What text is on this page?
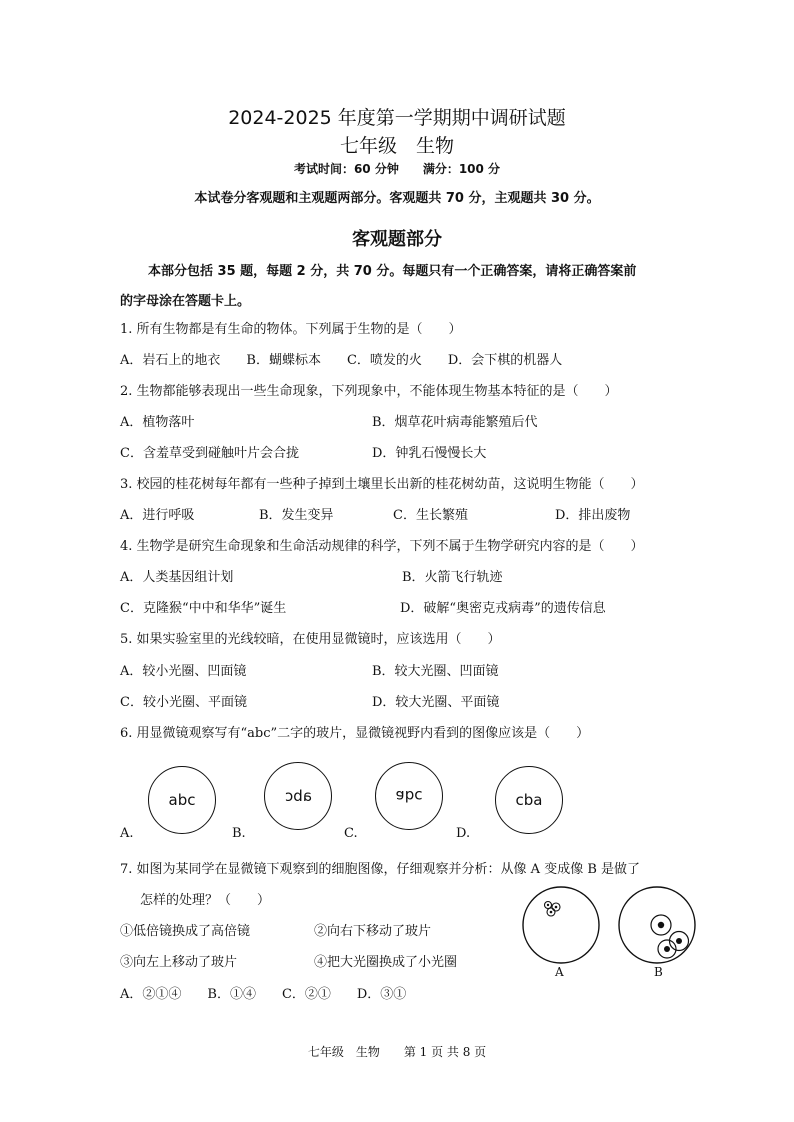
2024-2025 年度第一学期期中调研试题
七年级　生物
考试时间：60 分钟　　满分：100 分
本试卷分客观题和主观题两部分。客观题共 70 分，主观题共 30 分。
客观题部分
本部分包括 35 题，每题 2 分，共 70 分。每题只有一个正确答案，请将正确答案前
的字母涂在答题卡上。
1. 所有生物都是有生命的物体。下列属于生物的是（　　）
A．岩石上的地衣　　B．蝴蝶标本　　C．喷发的火　　D．会下棋的机器人
2. 生物都能够表现出一些生命现象，下列现象中，不能体现生物基本特征的是（　　）
A．植物落叶	B．烟草花叶病毒能繁殖后代
C．含羞草受到碰触叶片会合拢	D．钟乳石慢慢长大
3. 校园的桂花树每年都有一些种子掉到土壤里长出新的桂花树幼苗，这说明生物能（　　）
A．进行呼吸	B．发生变异	C．生长繁殖	D．排出废物
4. 生物学是研究生命现象和生命活动规律的科学，下列不属于生物学研究内容的是（　　）
A．人类基因组计划	B．火箭飞行轨迹
C．克隆猴“中中和华华”诞生	D．破解“奥密克戎病毒”的遗传信息
5. 如果实验室里的光线较暗，在使用显微镜时，应该选用（　　）
A．较小光圈、凹面镜	B．较大光圈、凹面镜
C．较小光圈、平面镜	D．较大光圈、平面镜
6. 用显微镜观察写有“abc”二字的玻片，显微镜视野内看到的图像应该是（　　）
abc	abc	abc	cba
A.	B.	C.	D.
7. 如图为某同学在显微镜下观察到的细胞图像，仔细观察并分析：从像 A 变成像 B 是做了
怎样的处理？（　　）
①低倍镜换成了高倍镜	②向右下移动了玻片
③向左上移动了玻片	④把大光圈换成了小光圈
A．②①④　　B．①④　　C．②①　　D．③①
A	B
七年级　生物　　第 1 页 共 8 页
